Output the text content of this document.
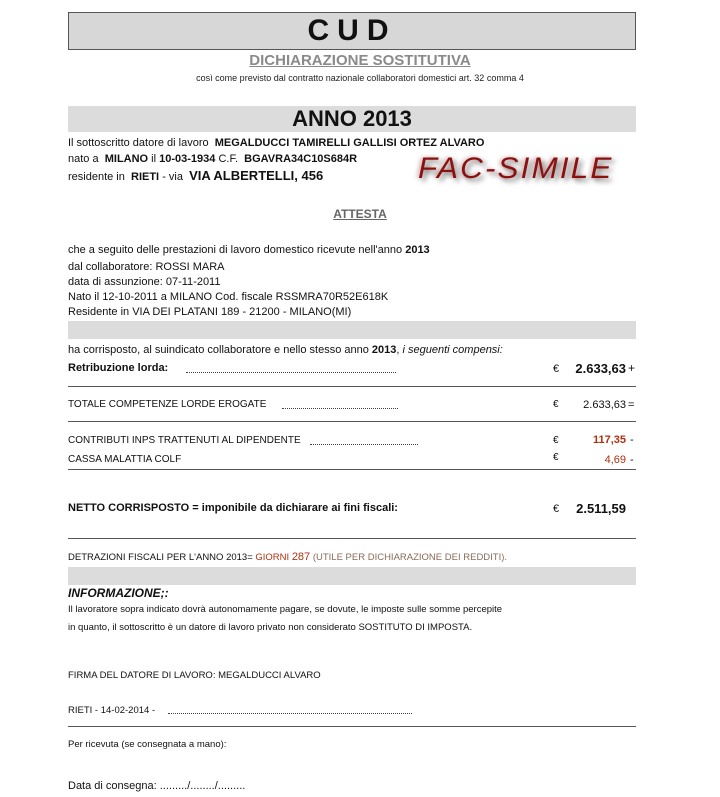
CUD
DICHIARAZIONE SOSTITUTIVA
così come previsto dal contratto nazionale collaboratori domestici art. 32 comma 4
ANNO 2013
Il sottoscritto datore di lavoro MEGALDUCCI TAMIRELLI GALLISI ORTEZ ALVARO
nato a MILANO il 10-03-1934 C.F. BGAVRA34C10S684R
residente in RIETI - via VIA ALBERTELLI, 456	FAC-SIMILE
ATTESTA
che a seguito delle prestazioni di lavoro domestico ricevute nell'anno 2013
dal collaboratore: ROSSI MARA
data di assunzione: 07-11-2011
Nato il 12-10-2011 a MILANO Cod. fiscale RSSMRA70R52E618K
Residente in VIA DEI PLATANI 189 - 21200 - MILANO(MI)
ha corrisposto, al suindicato collaboratore e nello stesso anno 2013, i seguenti compensi:
Retribuzione lorda:	€	2.633,63 +
TOTALE COMPETENZE LORDE EROGATE	€	2.633,63 =
CONTRIBUTI INPS TRATTENUTI AL DIPENDENTE	€	117,35 -
CASSA MALATTIA COLF	€	4,69 -
NETTO CORRISPOSTO = imponibile da dichiarare ai fini fiscali:	€	2.511,59
DETRAZIONI FISCALI PER L'ANNO 2013= GIORNI 287 (UTILE PER DICHIARAZIONE DEI REDDITI).
INFORMAZIONE;:
Il lavoratore sopra indicato dovrà autonomamente pagare, se dovute, le imposte sulle somme percepite
in quanto, il sottoscritto è un datore di lavoro privato non considerato SOSTITUTO DI IMPOSTA.
FIRMA DEL DATORE DI LAVORO: MEGALDUCCI ALVARO
RIETI - 14-02-2014 -
Per ricevuta (se consegnata a mano):
Data di consegna: ........./......../.........
